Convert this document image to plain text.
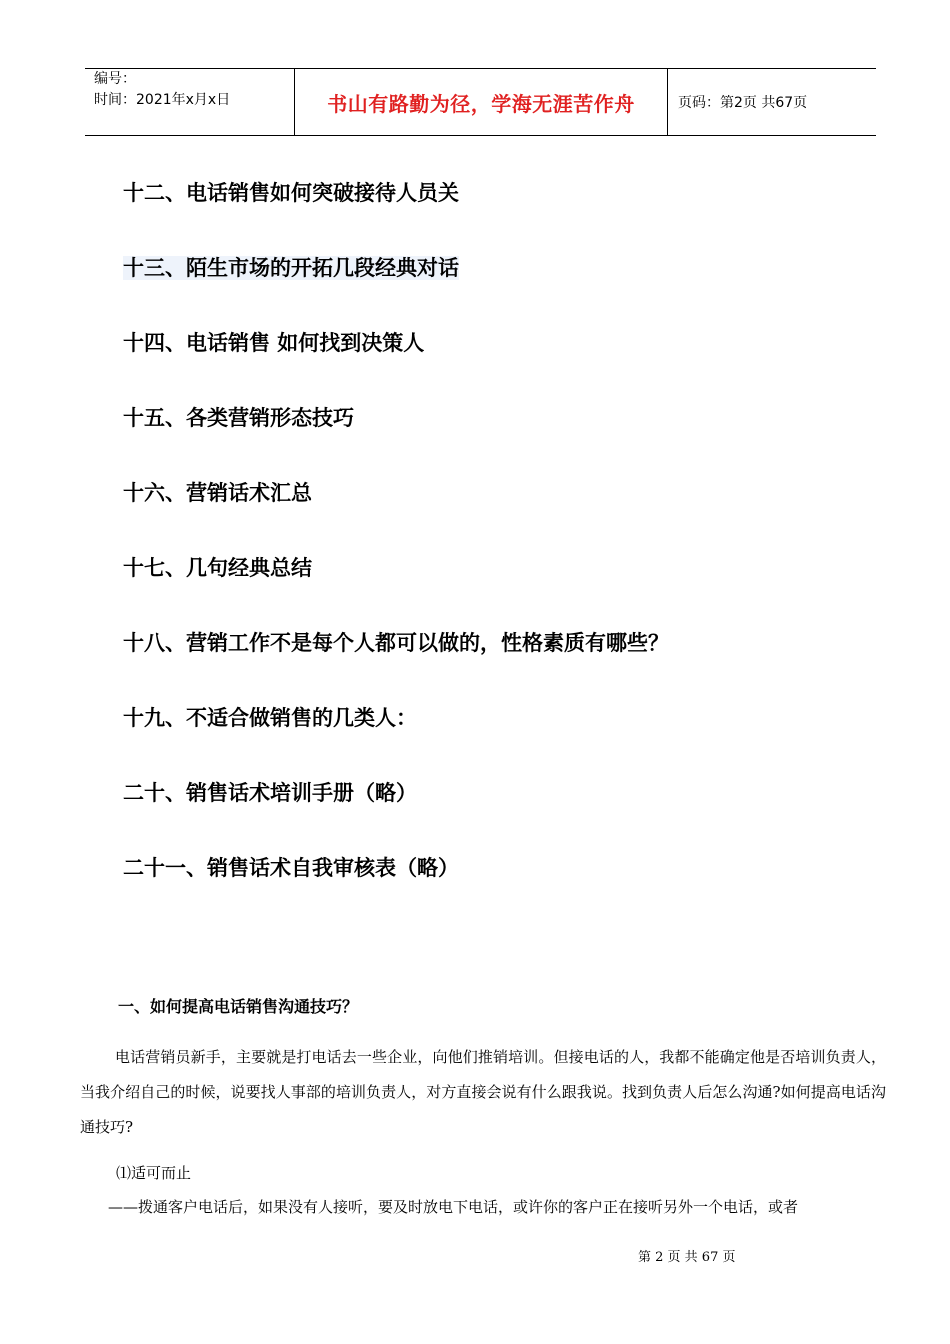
编号：
时间：2021年x月x日	书山有路勤为径，学海无涯苦作舟	页码：第2页 共67页
十二、电话销售如何突破接待人员关
十三、陌生市场的开拓几段经典对话
十四、电话销售 如何找到决策人
十五、各类营销形态技巧
十六、营销话术汇总
十七、几句经典总结
十八、营销工作不是每个人都可以做的，性格素质有哪些？
十九、不适合做销售的几类人：
二十、销售话术培训手册（略）
二十一、销售话术自我审核表（略）

一、如何提高电话销售沟通技巧？

电话营销员新手，主要就是打电话去一些企业，向他们推销培训。但接电话的人，我都不能确定他是否培训负责人，当我介绍自己的时候，说要找人事部的培训负责人，对方直接会说有什么跟我说。找到负责人后怎么沟通?如何提高电话沟通技巧?

⑴适可而止

——拨通客户电话后，如果没有人接听，要及时放电下电话，或许你的客户正在接听另外一个电话，或者

第 2 页 共 67 页
